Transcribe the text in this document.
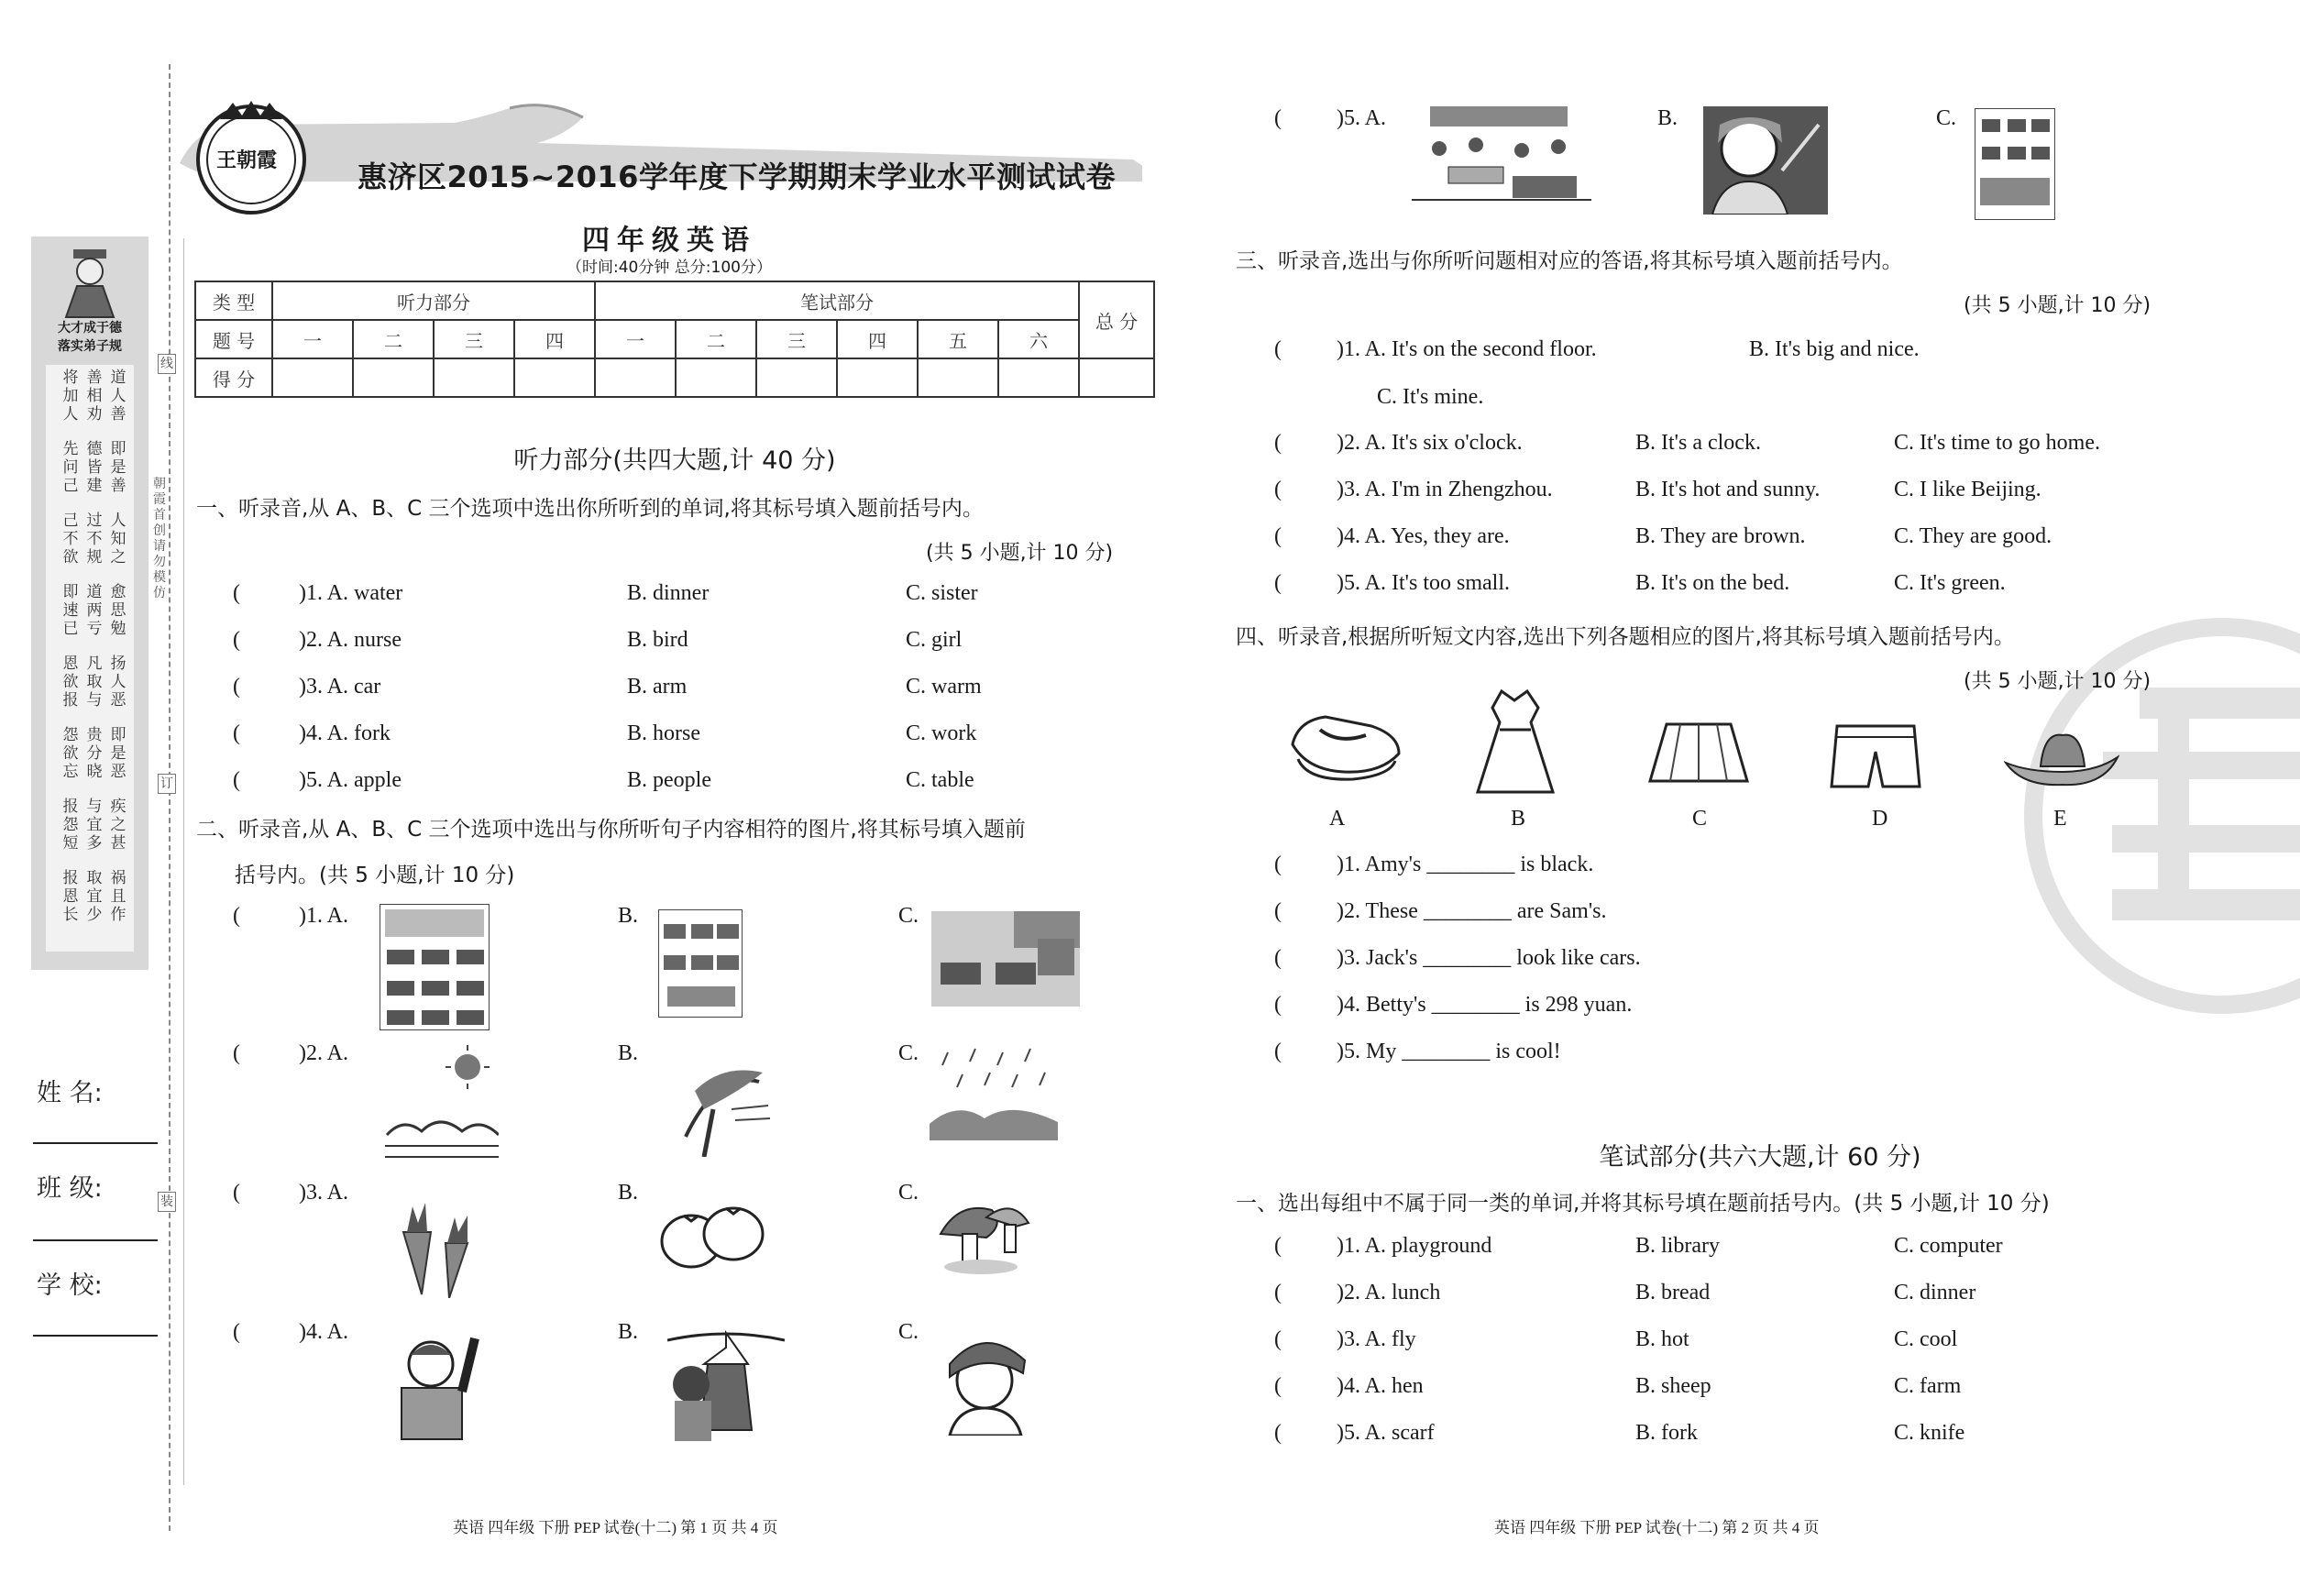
大才成于德
落实弟子规
将加人
善相劝
道人善
先问己
德皆建
即是善
己不欲
过不规
人知之
即速已
道两亏
愈思勉
恩欲报
凡取与
扬人恶
怨欲忘
贵分晓
即是恶
报怨短
与宜多
疾之甚
报恩长
取宜少
祸且作
姓 名:
班 级:
学 校:
朝霞首创请勿模仿
线
订
装
王朝霞	惠济区2015~2016学年度下学期期末学业水平测试试卷
四年级英语
（时间:40分钟 总分:100分）
类 型	听力部分				笔试部分						总 分
题 号	一	二	三	四	一	二	三	四	五	六	
得 分											
听力部分(共四大题,计 40 分)
一、听录音,从 A、B、C 三个选项中选出你所听到的单词,将其标号填入题前括号内。
(共 5 小题,计 10 分)
(	)1. A. water	B. dinner	C. sister
(	)2. A. nurse	B. bird	C. girl
(	)3. A. car	B. arm	C. warm
(	)4. A. fork	B. horse	C. work
(	)5. A. apple	B. people	C. table
二、听录音,从 A、B、C 三个选项中选出与你所听句子内容相符的图片,将其标号填入题前
括号内。(共 5 小题,计 10 分)
(	)1. A.	B.	C.
(	)2. A.	B.	C.
(	)3. A.	B.	C.
(	)4. A.	B.	C.
(	)5. A.	B.	C.
三、听录音,选出与你所听问题相对应的答语,将其标号填入题前括号内。
(共 5 小题,计 10 分)
(	)1. A. It's on the second floor.	B. It's big and nice.
C. It's mine.
(	)2. A. It's six o'clock.	B. It's a clock.	C. It's time to go home.
(	)3. A. I'm in Zhengzhou.	B. It's hot and sunny.	C. I like Beijing.
(	)4. A. Yes, they are.	B. They are brown.	C. They are good.
(	)5. A. It's too small.	B. It's on the bed.	C. It's green.
四、听录音,根据所听短文内容,选出下列各题相应的图片,将其标号填入题前括号内。
(共 5 小题,计 10 分)
A	B	C	D	E
(	)1. Amy's ________ is black.
(	)2. These ________ are Sam's.
(	)3. Jack's ________ look like cars.
(	)4. Betty's ________ is 298 yuan.
(	)5. My ________ is cool!
笔试部分(共六大题,计 60 分)
一、选出每组中不属于同一类的单词,并将其标号填在题前括号内。(共 5 小题,计 10 分)
(	)1. A. playground	B. library	C. computer
(	)2. A. lunch	B. bread	C. dinner
(	)3. A. fly	B. hot	C. cool
(	)4. A. hen	B. sheep	C. farm
(	)5. A. scarf	B. fork	C. knife
英语 四年级 下册 PEP 试卷(十二) 第 1 页 共 4 页	英语 四年级 下册 PEP 试卷(十二) 第 2 页 共 4 页
